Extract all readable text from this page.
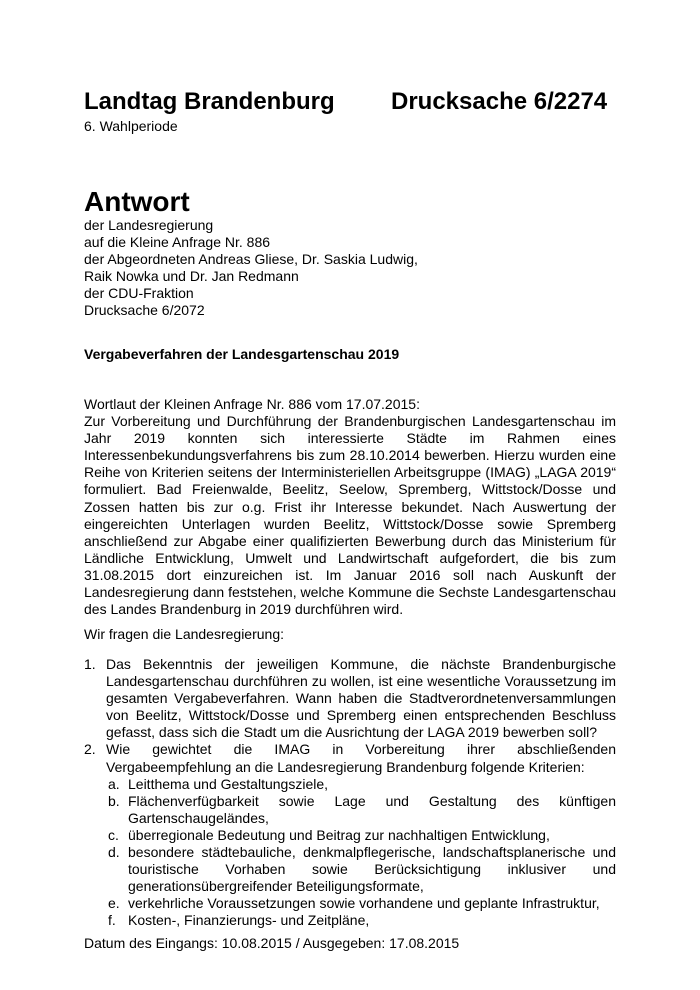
Landtag Brandenburg Drucksache 6/2274
6. Wahlperiode
Antwort
der Landesregierung
auf die Kleine Anfrage Nr. 886
der Abgeordneten Andreas Gliese, Dr. Saskia Ludwig,
Raik Nowka und Dr. Jan Redmann
der CDU-Fraktion
Drucksache 6/2072
Vergabeverfahren der Landesgartenschau 2019
Wortlaut der Kleinen Anfrage Nr. 886 vom 17.07.2015:
Zur Vorbereitung und Durchführung der Brandenburgischen Landesgartenschau im Jahr 2019 konnten sich interessierte Städte im Rahmen eines Interessenbekundungsverfahrens bis zum 28.10.2014 bewerben. Hierzu wurden eine Reihe von Kriterien seitens der Interministeriellen Arbeitsgruppe (IMAG) „LAGA 2019“ formuliert. Bad Freienwalde, Beelitz, Seelow, Spremberg, Wittstock/Dosse und Zossen hatten bis zur o.g. Frist ihr Interesse bekundet. Nach Auswertung der eingereichten Unterlagen wurden Beelitz, Wittstock/Dosse sowie Spremberg anschließend zur Abgabe einer qualifizierten Bewerbung durch das Ministerium für Ländliche Entwicklung, Umwelt und Landwirtschaft aufgefordert, die bis zum 31.08.2015 dort einzureichen ist. Im Januar 2016 soll nach Auskunft der Landesregierung dann feststehen, welche Kommune die Sechste Landesgartenschau des Landes Brandenburg in 2019 durchführen wird.
Wir fragen die Landesregierung:
1. Das Bekenntnis der jeweiligen Kommune, die nächste Brandenburgische Landesgartenschau durchführen zu wollen, ist eine wesentliche Voraussetzung im gesamten Vergabeverfahren. Wann haben die Stadtverordnetenversammlungen von Beelitz, Wittstock/Dosse und Spremberg einen entsprechenden Beschluss gefasst, dass sich die Stadt um die Ausrichtung der LAGA 2019 bewerben soll?
2. Wie gewichtet die IMAG in Vorbereitung ihrer abschließenden Vergabeempfehlung an die Landesregierung Brandenburg folgende Kriterien:
a. Leitthema und Gestaltungsziele,
b. Flächenverfügbarkeit sowie Lage und Gestaltung des künftigen Gartenschaugeländes,
c. überregionale Bedeutung und Beitrag zur nachhaltigen Entwicklung,
d. besondere städtebauliche, denkmalpflegerische, landschaftsplanerische und touristische Vorhaben sowie Berücksichtigung inklusiver und generationsübergreifender Beteiligungsformate,
e. verkehrliche Voraussetzungen sowie vorhandene und geplante Infrastruktur,
f. Kosten-, Finanzierungs- und Zeitpläne,
Datum des Eingangs: 10.08.2015 / Ausgegeben: 17.08.2015
